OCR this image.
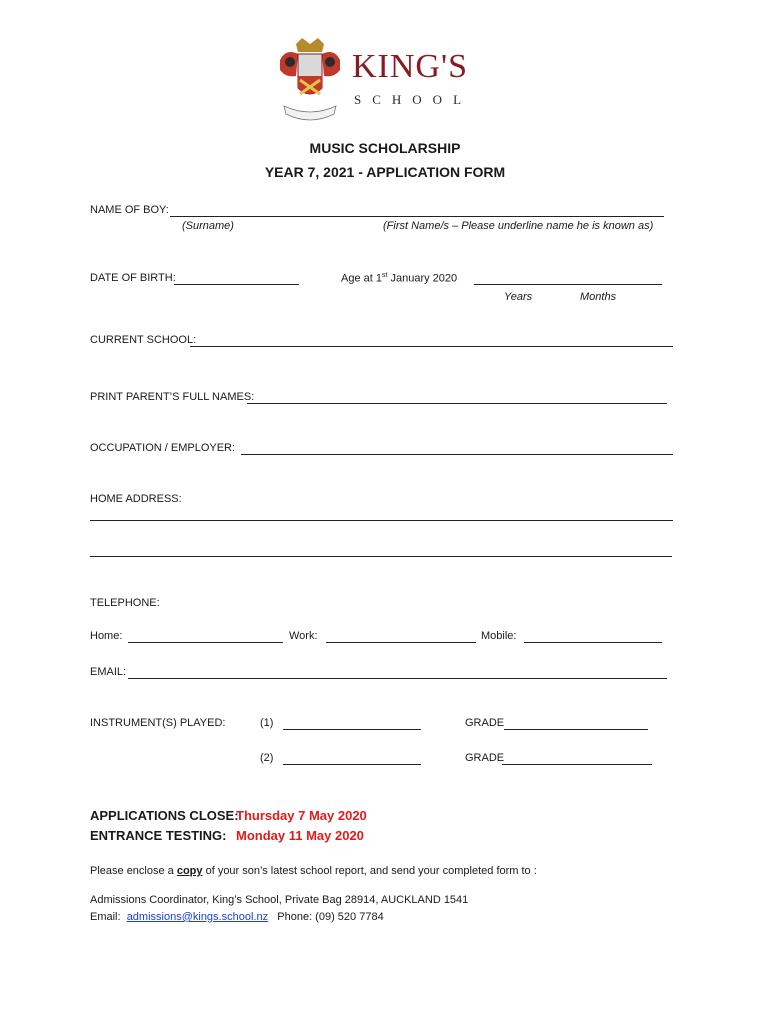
KING'S
SCHOOL
MUSIC SCHOLARSHIP
YEAR 7, 2021 - APPLICATION FORM
NAME OF BOY:
(Surname)	(First Name/s – Please underline name he is known as)
DATE OF BIRTH:	Age at 1st January 2020
Years	Months
CURRENT SCHOOL:
PRINT PARENT’S FULL NAMES:
OCCUPATION / EMPLOYER:
HOME ADDRESS:
TELEPHONE:
Home:	Work:	Mobile:
EMAIL:
INSTRUMENT(S) PLAYED:	(1)	GRADE
(2)	GRADE
APPLICATIONS CLOSE:
Thursday 7 May 2020
ENTRANCE TESTING: Monday 11 May 2020
Please enclose a copy of your son’s latest school report, and send your completed form to :
Admissions Coordinator, King’s School, Private Bag 28914, AUCKLAND 1541
Email: admissions@kings.school.nz Phone: (09) 520 7784
